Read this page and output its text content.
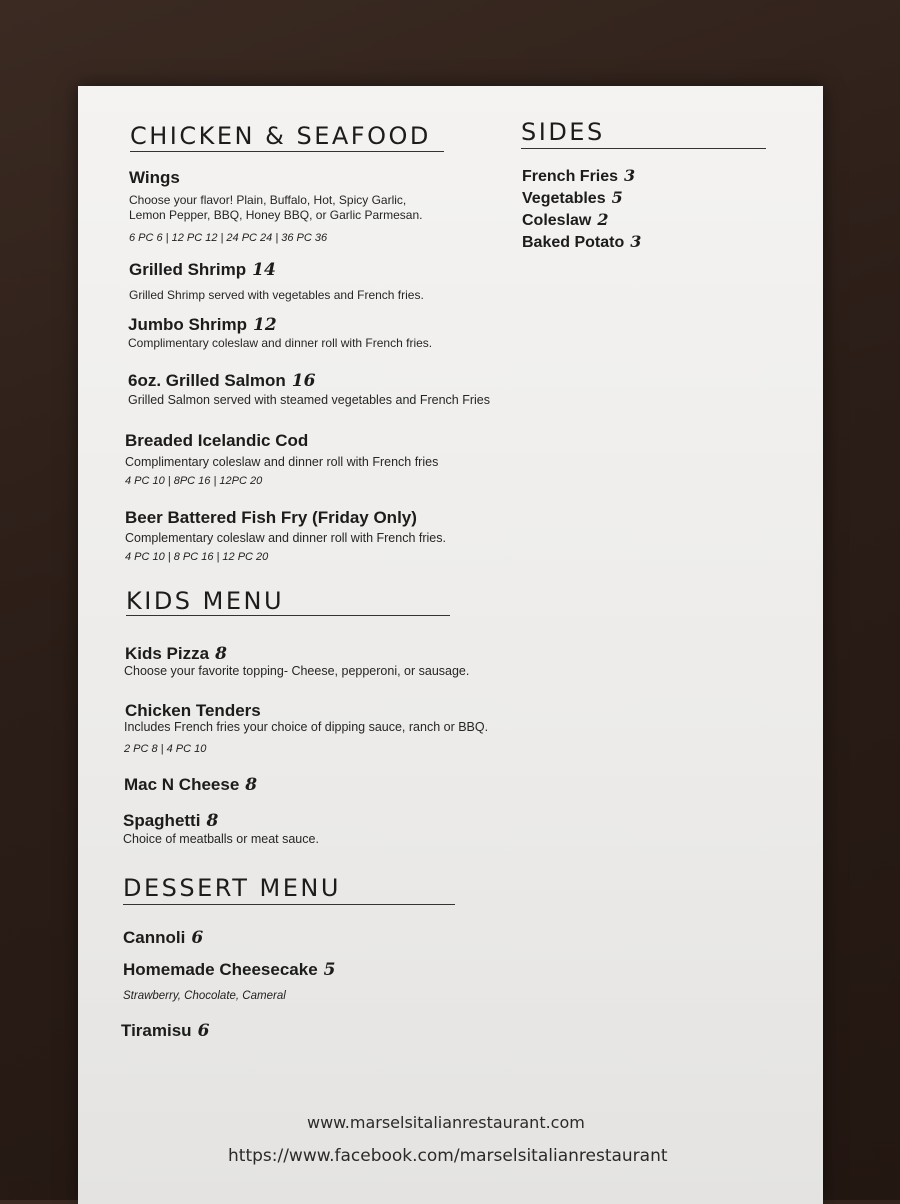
CHICKEN & SEAFOOD
Wings
Choose your flavor! Plain, Buffalo, Hot, Spicy Garlic,
Lemon Pepper, BBQ, Honey BBQ, or Garlic Parmesan.
6 PC 6 | 12 PC 12 | 24 PC 24 | 36 PC 36
Grilled Shrimp 14
Grilled Shrimp served with vegetables and French fries.
Jumbo Shrimp 12
Complimentary coleslaw and dinner roll with French fries.
6oz. Grilled Salmon 16
Grilled Salmon served with steamed vegetables and French Fries
Breaded Icelandic Cod
Complimentary coleslaw and dinner roll with French fries
4 PC 10 | 8PC 16 | 12PC 20
Beer Battered Fish Fry (Friday Only)
Complementary coleslaw and dinner roll with French fries.
4 PC 10 | 8 PC 16 | 12 PC 20
SIDES
French Fries 3
Vegetables 5
Coleslaw 2
Baked Potato 3
KIDS MENU
Kids Pizza 8
Choose your favorite topping- Cheese, pepperoni, or sausage.
Chicken Tenders
Includes French fries your choice of dipping sauce, ranch or BBQ.
2 PC 8 | 4 PC 10
Mac N Cheese 8
Spaghetti 8
Choice of meatballs or meat sauce.
DESSERT MENU
Cannoli 6
Homemade Cheesecake 5
Strawberry, Chocolate, Cameral
Tiramisu 6
www.marselsitalianrestaurant.com
https://www.facebook.com/marselsitalianrestaurant
